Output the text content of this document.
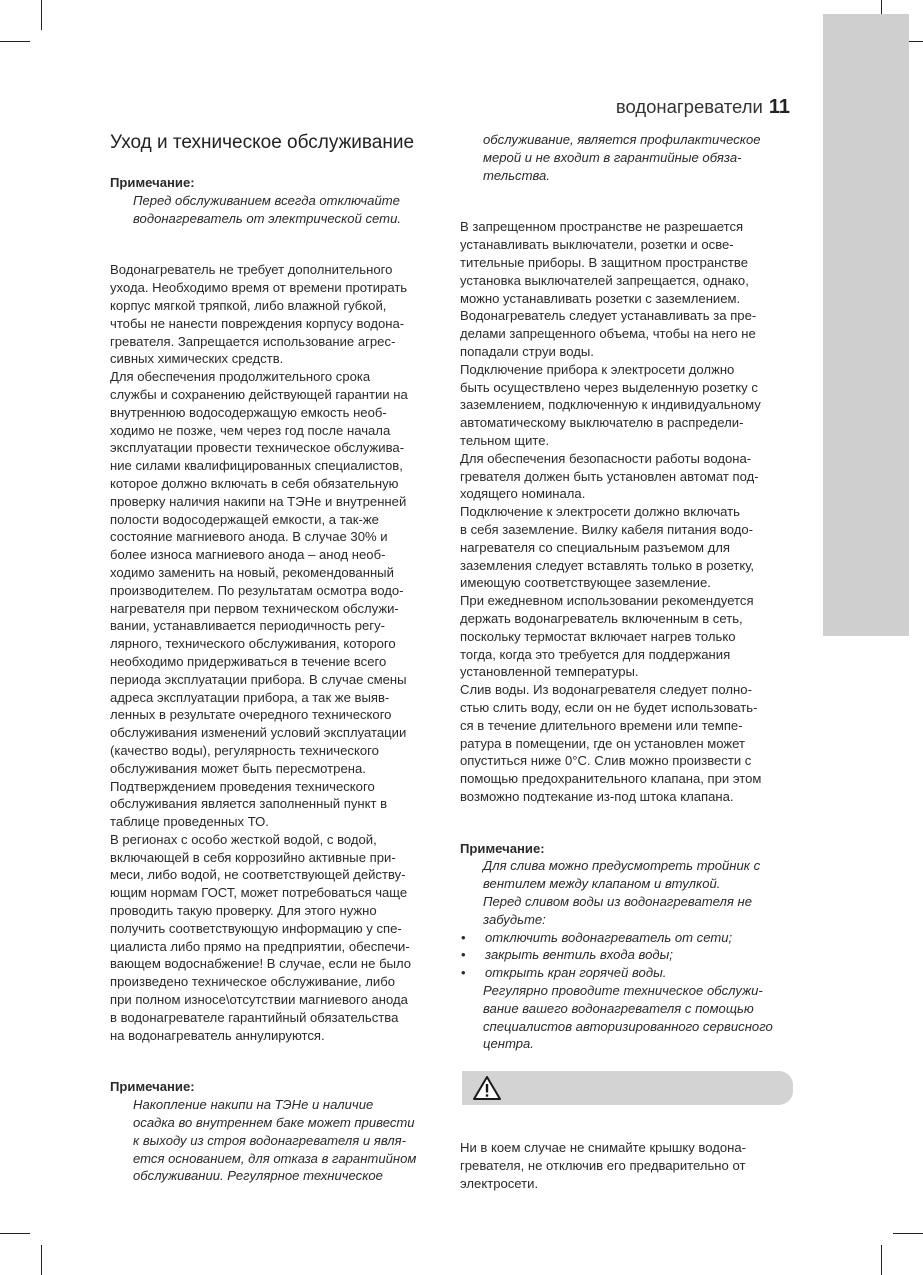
водонагреватели 11
Уход и техническое обслуживание
Примечание:
Перед обслуживанием всегда отключайте
водонагреватель от электрической сети.

Водонагреватель не требует дополнительного
ухода. Необходимо время от времени протирать
корпус мягкой тряпкой, либо влажной губкой,
чтобы не нанести повреждения корпусу водона-
гревателя. Запрещается использование агрес-
сивных химических средств.
Для обеспечения продолжительного срока
службы и сохранению действующей гарантии на
внутреннюю водосодержащую емкость необ-
ходимо не позже, чем через год после начала
эксплуатации провести техническое обслужива-
ние силами квалифицированных специалистов,
которое должно включать в себя обязательную
проверку наличия накипи на ТЭНе и внутренней
полости водосодержащей емкости, а так-же
состояние магниевого анода. В случае 30% и
более износа магниевого анода – анод необ-
ходимо заменить на новый, рекомендованный
производителем. По результатам осмотра водо-
нагревателя при первом техническом обслужи-
вании, устанавливается периодичность регу-
лярного, технического обслуживания, которого
необходимо придерживаться в течение всего
периода эксплуатации прибора. В случае смены
адреса эксплуатации прибора, а так же выяв-
ленных в результате очередного технического
обслуживания изменений условий эксплуатации
(качество воды), регулярность технического
обслуживания может быть пересмотрена.
Подтверждением проведения технического
обслуживания является заполненный пункт в
таблице проведенных ТО.
В регионах с особо жесткой водой, с водой,
включающей в себя коррозийно активные при-
меси, либо водой, не соответствующей действу-
ющим нормам ГОСТ, может потребоваться чаще
проводить такую проверку. Для этого нужно
получить соответствующую информацию у спе-
циалиста либо прямо на предприятии, обеспечи-
вающем водоснабжение! В случае, если не было
произведено техническое обслуживание, либо
при полном износе\отсутствии магниевого анода
в водонагревателе гарантийный обязательства
на водонагреватель аннулируются.

Примечание:
Накопление накипи на ТЭНе и наличие
осадка во внутреннем баке может привести
к выходу из строя водонагревателя и явля-
ется основанием, для отказа в гарантийном
обслуживании. Регулярное техническое
обслуживание, является профилактическое
мерой и не входит в гарантийные обяза-
тельства.

В запрещенном пространстве не разрешается
устанавливать выключатели, розетки и осве-
тительные приборы. В защитном пространстве
установка выключателей запрещается, однако,
можно устанавливать розетки с заземлением.
Водонагреватель следует устанавливать за пре-
делами запрещенного объема, чтобы на него не
попадали струи воды.
Подключение прибора к электросети должно
быть осуществлено через выделенную розетку с
заземлением, подключенную к индивидуальному
автоматическому выключателю в распредели-
тельном щите.
Для обеспечения безопасности работы водона-
гревателя должен быть установлен автомат под-
ходящего номинала.
Подключение к электросети должно включать
в себя заземление. Вилку кабеля питания водо-
нагревателя со специальным разъемом для
заземления следует вставлять только в розетку,
имеющую соответствующее заземление.
При ежедневном использовании рекомендуется
держать водонагреватель включенным в сеть,
поскольку термостат включает нагрев только
тогда, когда это требуется для поддержания
установленной температуры.
Слив воды. Из водонагревателя следует полно-
стью слить воду, если он не будет использовать-
ся в течение длительного времени или темпе-
ратура в помещении, где он установлен может
опуститься ниже 0°С. Слив можно произвести с
помощью предохранительного клапана, при этом
возможно подтекание из-под штока клапана.

Примечание:
Для слива можно предусмотреть тройник с
вентилем между клапаном и втулкой.
Перед сливом воды из водонагревателя не
забудьте:
• отключить водонагреватель от сети;
• закрыть вентиль входа воды;
• открыть кран горячей воды.
Регулярно проводите техническое обслужи-
вание вашего водонагревателя с помощью
специалистов авторизированного сервисного
центра.

Ни в коем случае не снимайте крышку водона-
гревателя, не отключив его предварительно от
электросети.
